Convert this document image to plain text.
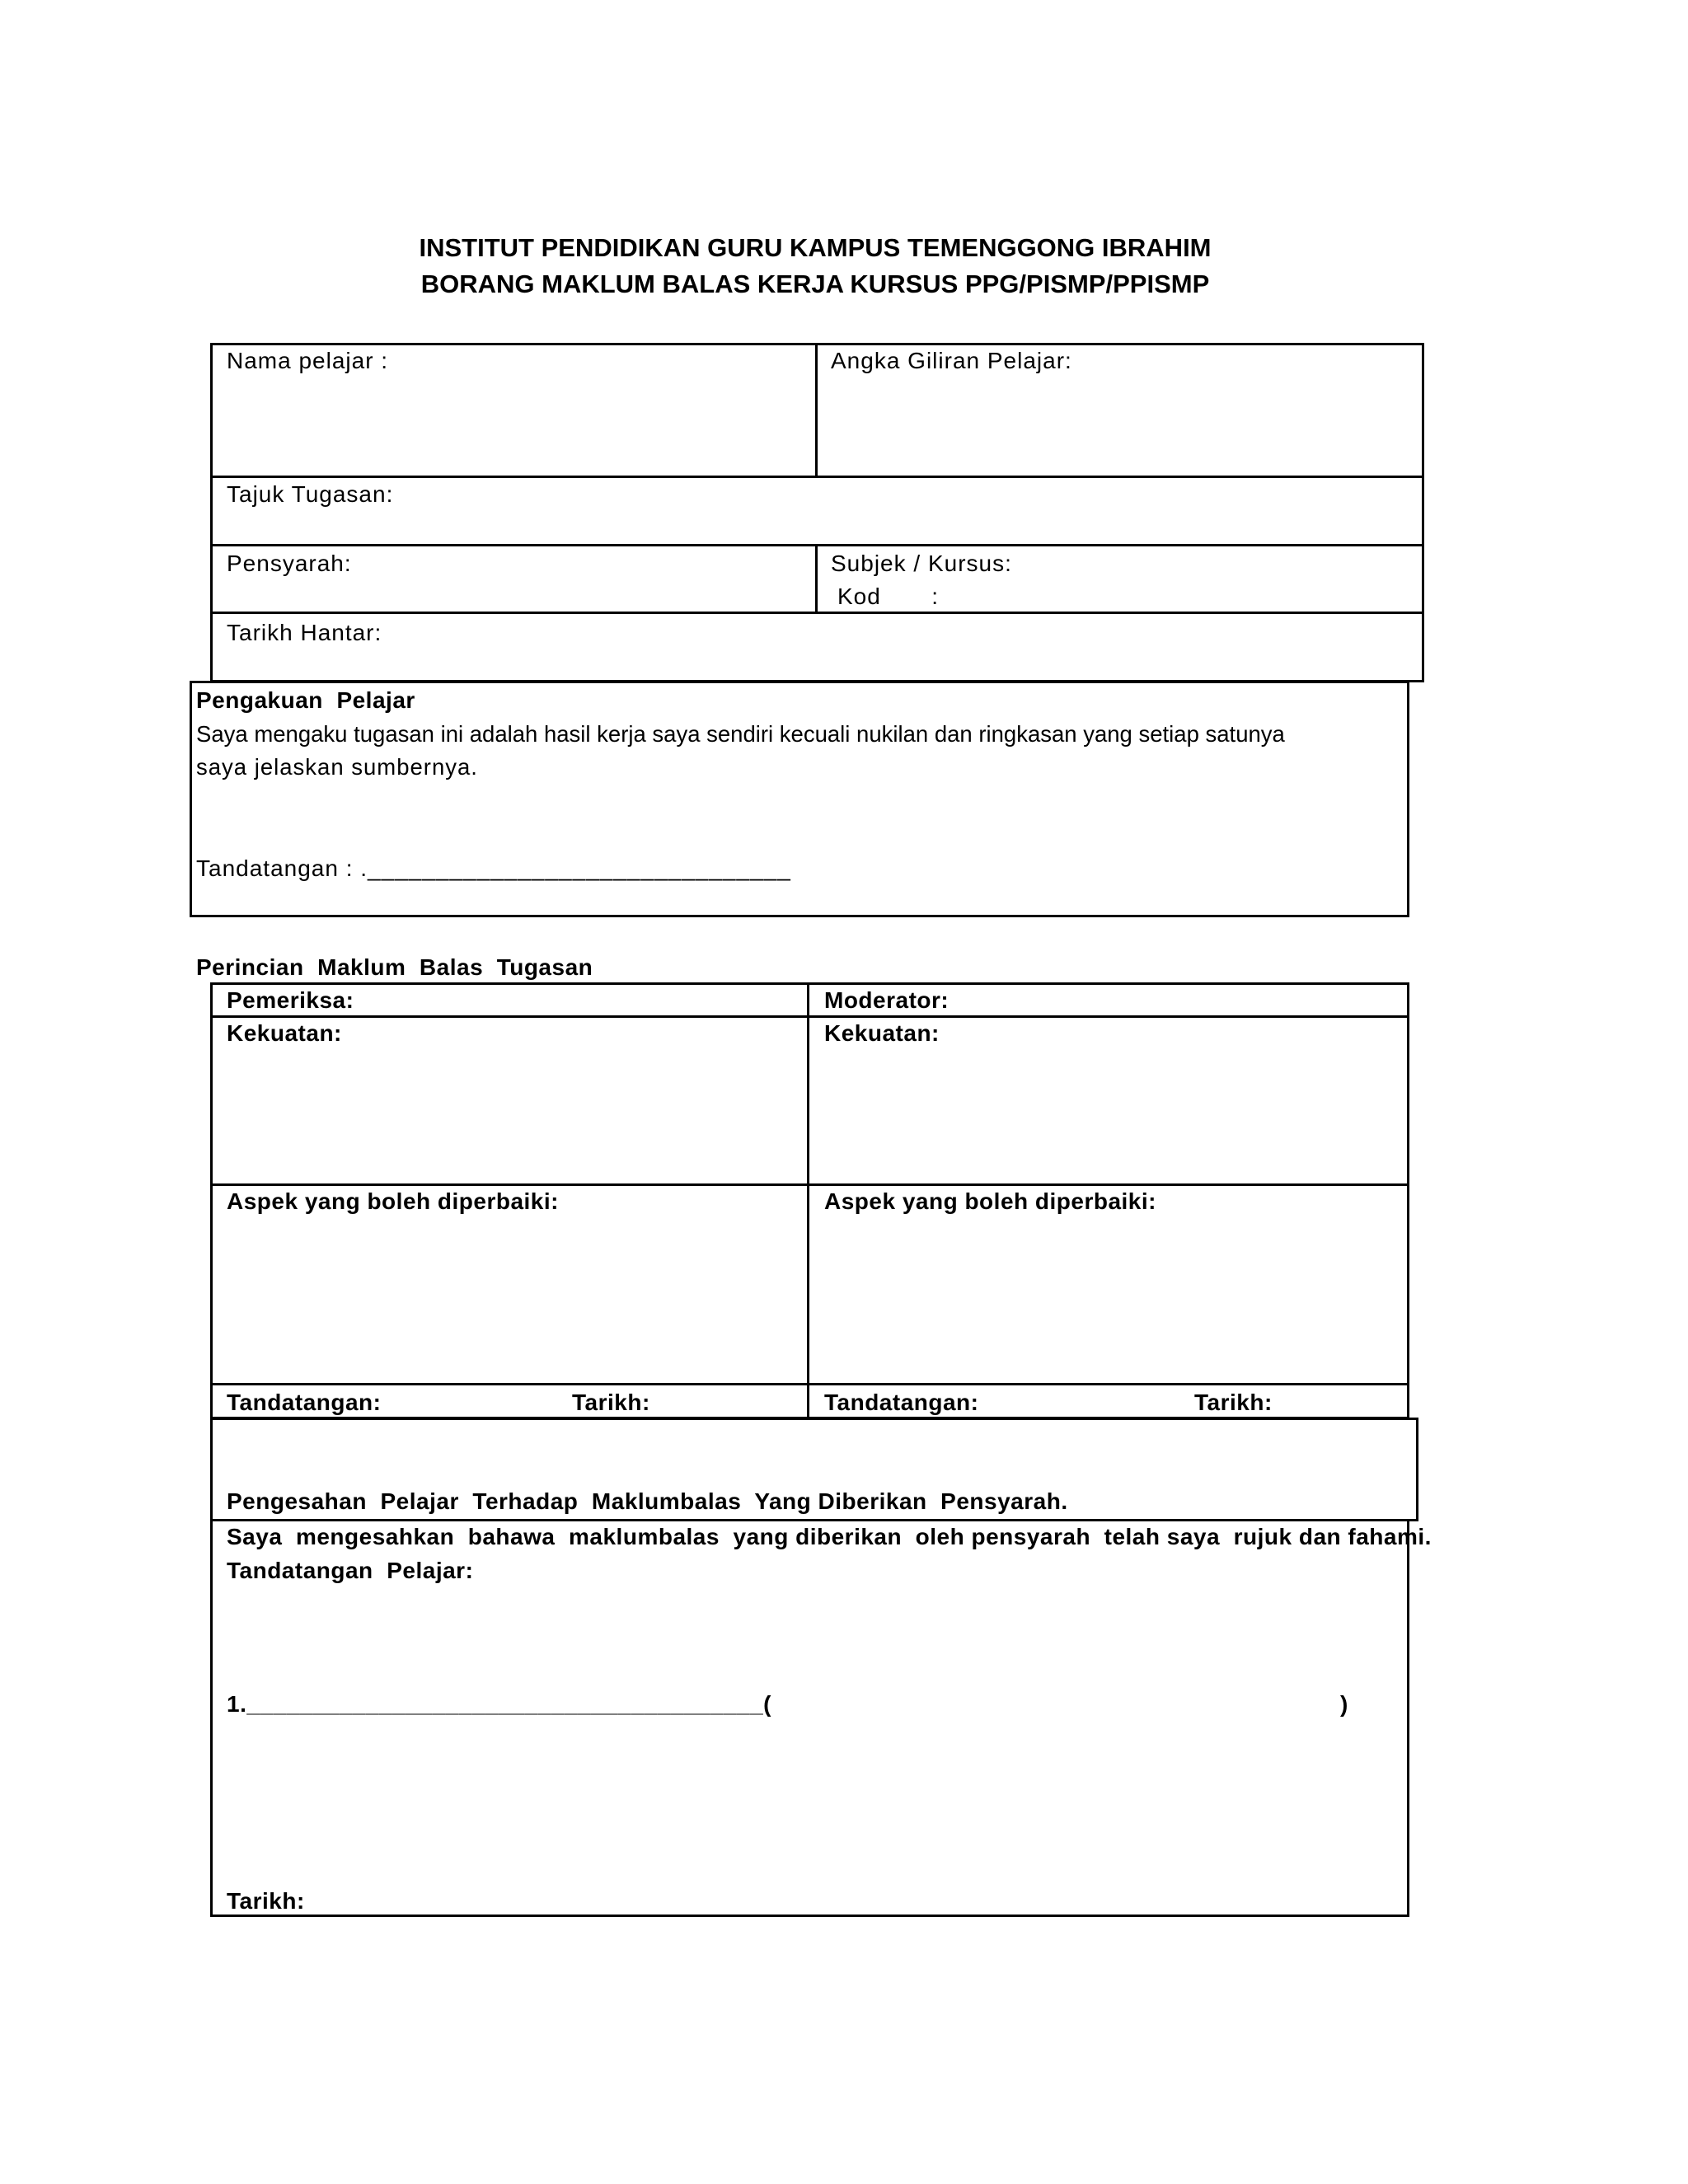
INSTITUT PENDIDIKAN GURU KAMPUS TEMENGGONG IBRAHIM
BORANG MAKLUM BALAS KERJA KURSUS PPG/PISMP/PPISMP
Nama pelajar :	Angka Giliran Pelajar:
Tajuk Tugasan:
Pensyarah:	Subjek / Kursus:
Kod       :
Tarikh Hantar:
Pengakuan  Pelajar
Saya mengaku tugasan ini adalah hasil kerja saya sendiri kecuali nukilan dan ringkasan yang setiap satunya
saya jelaskan sumbernya.
Tandatangan : ._______________________________
Perincian  Maklum  Balas  Tugasan
Pemeriksa:	Moderator:
Kekuatan:	Kekuatan:
Aspek yang boleh diperbaiki:	Aspek yang boleh diperbaiki:
Tandatangan:	Tarikh:	Tandatangan:	Tarikh:
Pengesahan  Pelajar  Terhadap  Maklumbalas  Yang Diberikan  Pensyarah.
Saya  mengesahkan  bahawa  maklumbalas  yang diberikan  oleh pensyarah  telah saya  rujuk dan fahami.
Tandatangan  Pelajar:
1._______________________________________(	)
Tarikh:
